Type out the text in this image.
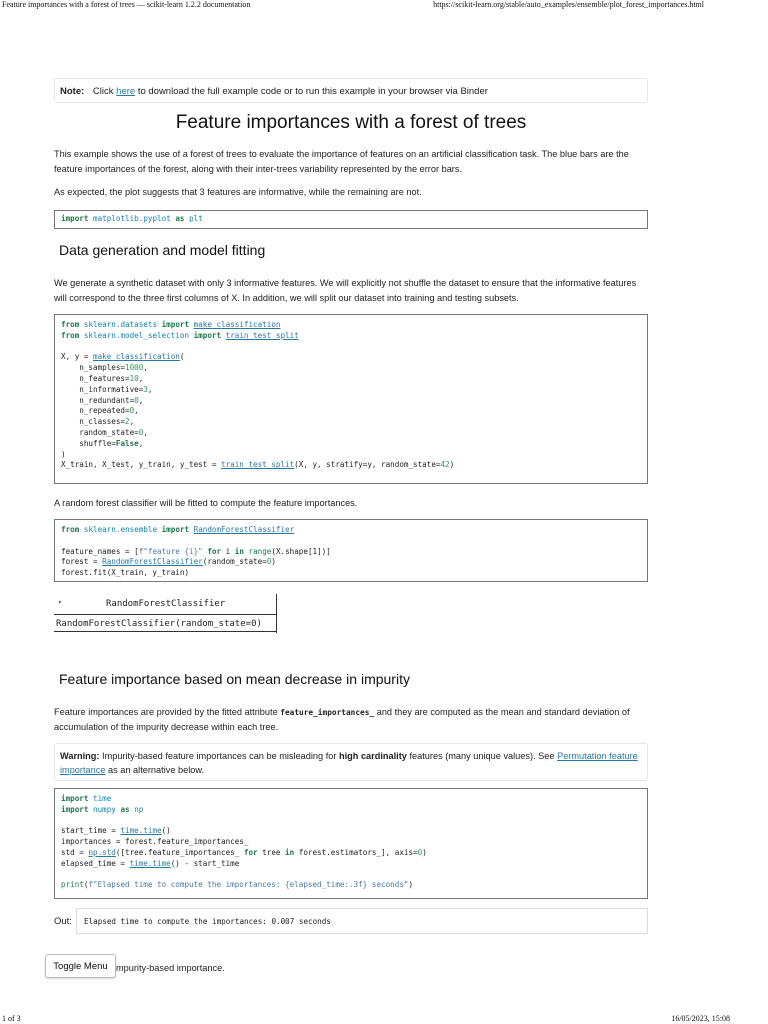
Feature importances with a forest of trees — scikit-learn 1.2.2 documentation	https://scikit-learn.org/stable/auto_examples/ensemble/plot_forest_importances.html
Note: Click here to download the full example code or to run this example in your browser via Binder
Feature importances with a forest of trees

This example shows the use of a forest of trees to evaluate the importance of features on an artificial classification task. The blue bars are the feature importances of the forest, along with their inter-trees variability represented by the error bars.

As expected, the plot suggests that 3 features are informative, while the remaining are not.

import matplotlib.pyplot as plt
Data generation and model fitting

We generate a synthetic dataset with only 3 informative features. We will explicitly not shuffle the dataset to ensure that the informative features will correspond to the three first columns of X. In addition, we will split our dataset into training and testing subsets.

from sklearn.datasets import make_classification
from sklearn.model_selection import train_test_split

X, y = make_classification(
n_samples=1000,
n_features=10,
n_informative=3,
n_redundant=0,
n_repeated=0,
n_classes=2,
random_state=0,
shuffle=False,
)
X_train, X_test, y_train, y_test = train_test_split(X, y, stratify=y, random_state=42)

A random forest classifier will be fitted to compute the feature importances.

from sklearn.ensemble import RandomForestClassifier

feature_names = [f"feature {i}" for i in range(X.shape[1])]
forest = RandomForestClassifier(random_state=0)
forest.fit(X_train, y_train)
▾	RandomForestClassifier
RandomForestClassifier(random_state=0)
Feature importance based on mean decrease in impurity

Feature importances are provided by the fitted attribute feature_importances_ and they are computed as the mean and standard deviation of accumulation of the impurity decrease within each tree.

Warning: Impurity-based feature importances can be misleading for high cardinality features (many unique values). See Permutation feature importance as an alternative below.
import time
import numpy as np

start_time = time.time()
importances = forest.feature_importances_
std = np.std([tree.feature_importances_ for tree in forest.estimators_], axis=0)
elapsed_time = time.time() - start_time

print(f"Elapsed time to compute the importances: {elapsed_time:.3f} seconds")
Out:	Elapsed time to compute the importances: 0.007 seconds
mpurity-based importance.
Toggle Menu
1 of 3	16/05/2023, 15:08
